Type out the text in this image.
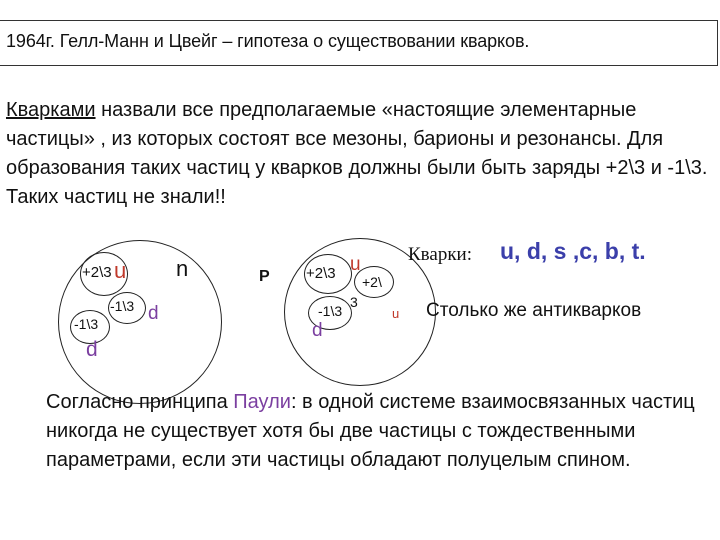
1964г. Гелл-Манн и Цвейг – гипотеза о существовании кварков.
Кварками назвали все предполагаемые «настоящие элементарные частицы» , из которых состоят все мезоны, барионы и резонансы. Для образования таких частиц у кварков должны были быть заряды +2\3 и -1\3. Таких частиц не знали!!
+2\3 u n
-1\3 d
-1\3
d
P +2\3 u
+2\
-1\3
3
d
u
Кварки: u, d, s ,c, b, t.
Столько же антикварков
Согласно принципа Паули: в одной системе взаимосвязанных частиц никогда не существует хотя бы две частицы с тождественными параметрами, если эти частицы обладают полуцелым спином.
